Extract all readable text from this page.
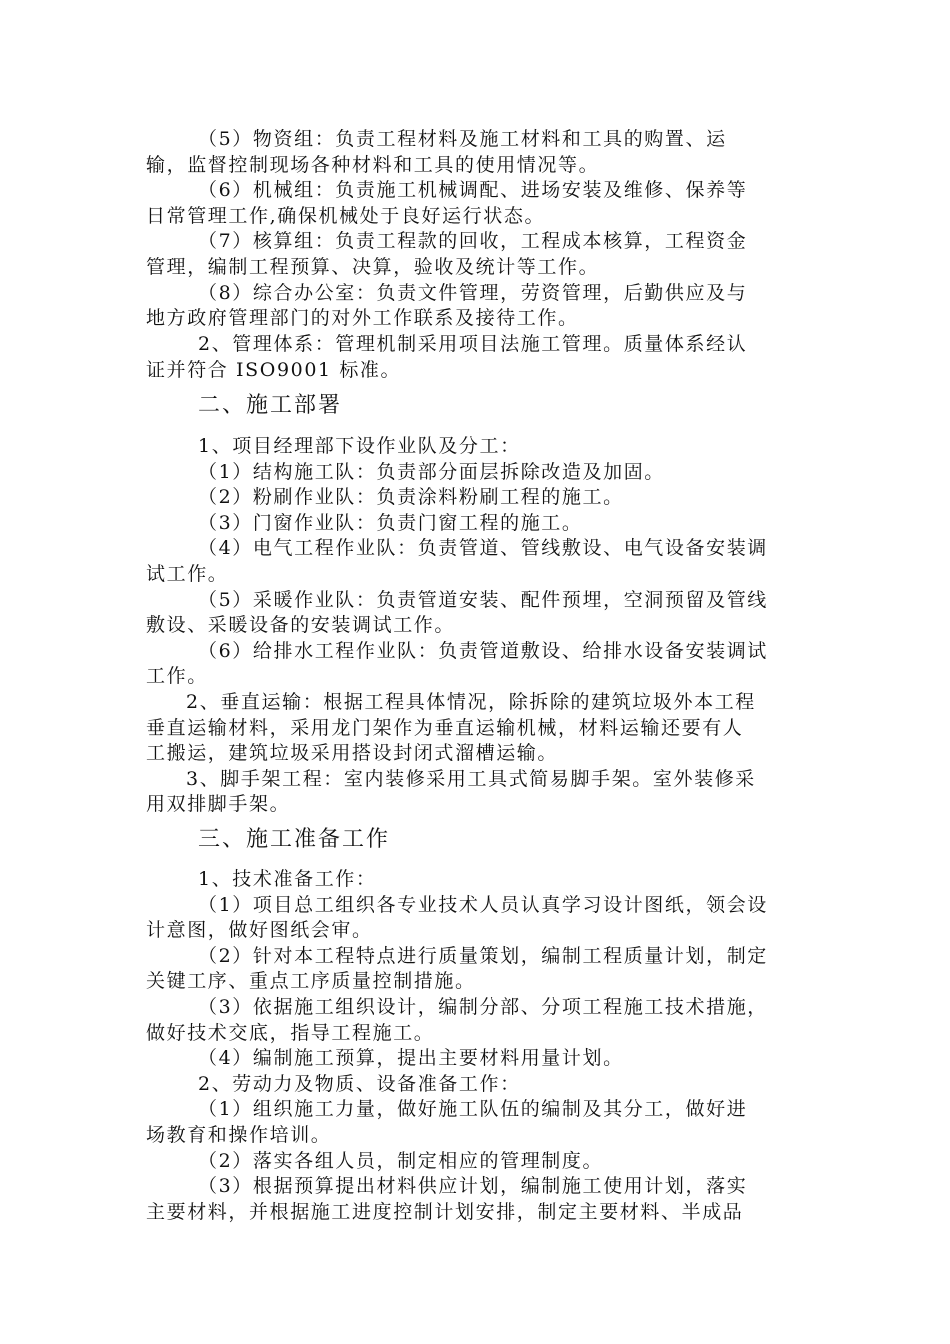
（5）物资组：负责工程材料及施工材料和工具的购置、运
输，监督控制现场各种材料和工具的使用情况等。
（6）机械组：负责施工机械调配、进场安装及维修、保养等
日常管理工作,确保机械处于良好运行状态。
（7）核算组：负责工程款的回收，工程成本核算，工程资金
管理，编制工程预算、决算，验收及统计等工作。
（8）综合办公室：负责文件管理，劳资管理，后勤供应及与
地方政府管理部门的对外工作联系及接待工作。
2、管理体系：管理机制采用项目法施工管理。质量体系经认
证并符合 ISO9001 标准。
二、施工部署
1、项目经理部下设作业队及分工：
（1）结构施工队：负责部分面层拆除改造及加固。
（2）粉刷作业队：负责涂料粉刷工程的施工。
（3）门窗作业队：负责门窗工程的施工。
（4）电气工程作业队：负责管道、管线敷设、电气设备安装调
试工作。
（5）采暖作业队：负责管道安装、配件预埋，空洞预留及管线
敷设、采暖设备的安装调试工作。
（6）给排水工程作业队：负责管道敷设、给排水设备安装调试
工作。
2、垂直运输：根据工程具体情况，除拆除的建筑垃圾外本工程
垂直运输材料，采用龙门架作为垂直运输机械，材料运输还要有人
工搬运，建筑垃圾采用搭设封闭式溜槽运输。
3、脚手架工程：室内装修采用工具式简易脚手架。室外装修采
用双排脚手架。
三、施工准备工作
1、技术准备工作：
（1）项目总工组织各专业技术人员认真学习设计图纸，领会设
计意图，做好图纸会审。
（2）针对本工程特点进行质量策划，编制工程质量计划，制定
关键工序、重点工序质量控制措施。
（3）依据施工组织设计，编制分部、分项工程施工技术措施，
做好技术交底，指导工程施工。
（4）编制施工预算，提出主要材料用量计划。
2、劳动力及物质、设备准备工作：
（1）组织施工力量，做好施工队伍的编制及其分工，做好进
场教育和操作培训。
（2）落实各组人员，制定相应的管理制度。
（3）根据预算提出材料供应计划，编制施工使用计划，落实
主要材料，并根据施工进度控制计划安排，制定主要材料、半成品
